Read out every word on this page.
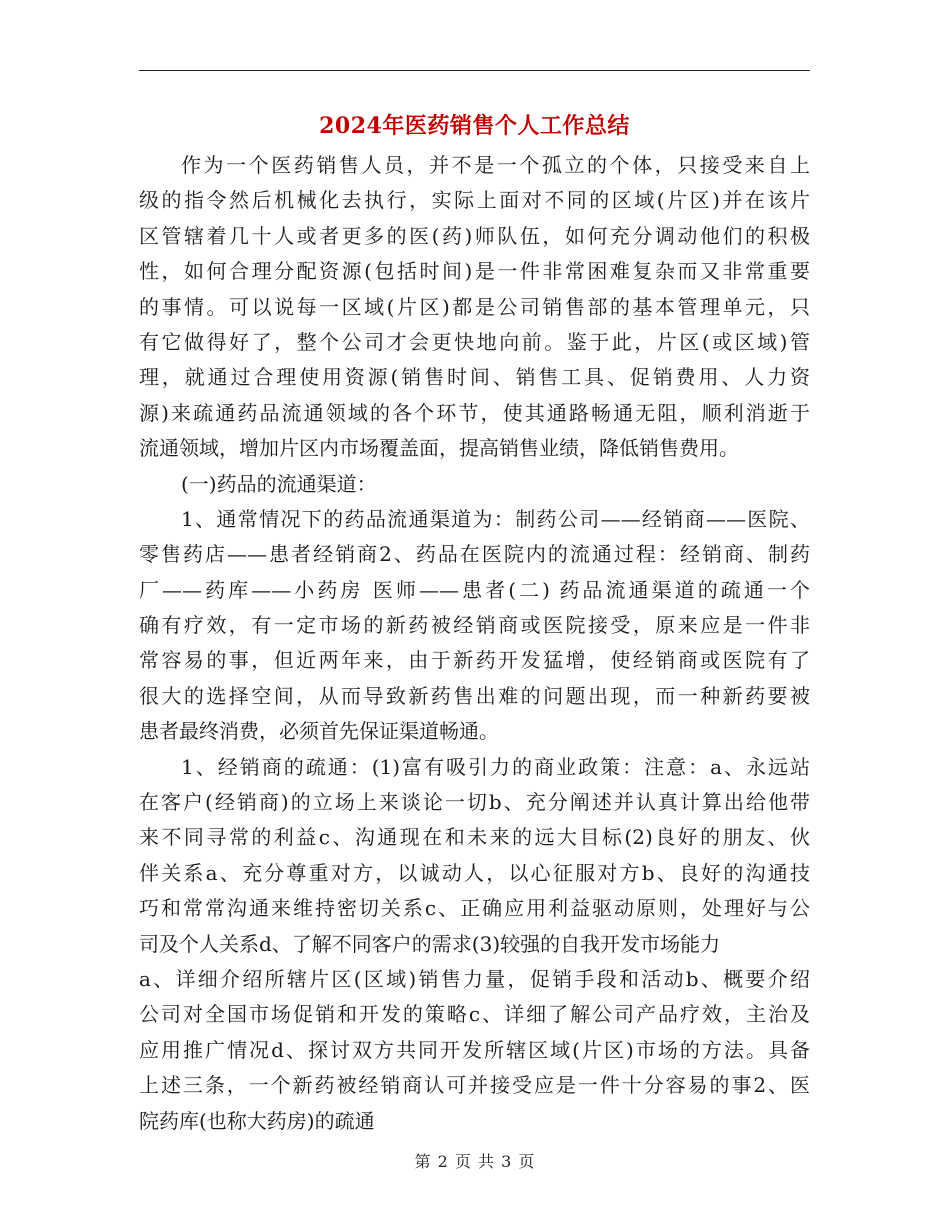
2024年医药销售个人工作总结
作为一个医药销售人员，并不是一个孤立的个体，只接受来自上
级的指令然后机械化去执行，实际上面对不同的区域(片区)并在该片
区管辖着几十人或者更多的医(药)师队伍，如何充分调动他们的积极
性，如何合理分配资源(包括时间)是一件非常困难复杂而又非常重要
的事情。可以说每一区域(片区)都是公司销售部的基本管理单元，只
有它做得好了，整个公司才会更快地向前。鉴于此，片区(或区域)管
理，就通过合理使用资源(销售时间、销售工具、促销费用、人力资
源)来疏通药品流通领域的各个环节，使其通路畅通无阻，顺利消逝于
流通领域，增加片区内市场覆盖面，提高销售业绩，降低销售费用。
(一)药品的流通渠道：
1、通常情况下的药品流通渠道为：制药公司——经销商——医院、
零售药店——患者经销商2、药品在医院内的流通过程：经销商、制药
厂——药库——小药房 医师——患者(二) 药品流通渠道的疏通一个
确有疗效，有一定市场的新药被经销商或医院接受，原来应是一件非
常容易的事，但近两年来，由于新药开发猛增，使经销商或医院有了
很大的选择空间，从而导致新药售出难的问题出现，而一种新药要被
患者最终消费，必须首先保证渠道畅通。
1、经销商的疏通：(1)富有吸引力的商业政策：注意：a、永远站
在客户(经销商)的立场上来谈论一切b、充分阐述并认真计算出给他带
来不同寻常的利益c、沟通现在和未来的远大目标(2)良好的朋友、伙
伴关系a、充分尊重对方，以诚动人，以心征服对方b、良好的沟通技
巧和常常沟通来维持密切关系c、正确应用利益驱动原则，处理好与公
司及个人关系d、了解不同客户的需求(3)较强的自我开发市场能力
a、详细介绍所辖片区(区域)销售力量，促销手段和活动b、概要介绍
公司对全国市场促销和开发的策略c、详细了解公司产品疗效，主治及
应用推广情况d、探讨双方共同开发所辖区域(片区)市场的方法。具备
上述三条，一个新药被经销商认可并接受应是一件十分容易的事2、医
院药库(也称大药房)的疏通
第 2 页 共 3 页
